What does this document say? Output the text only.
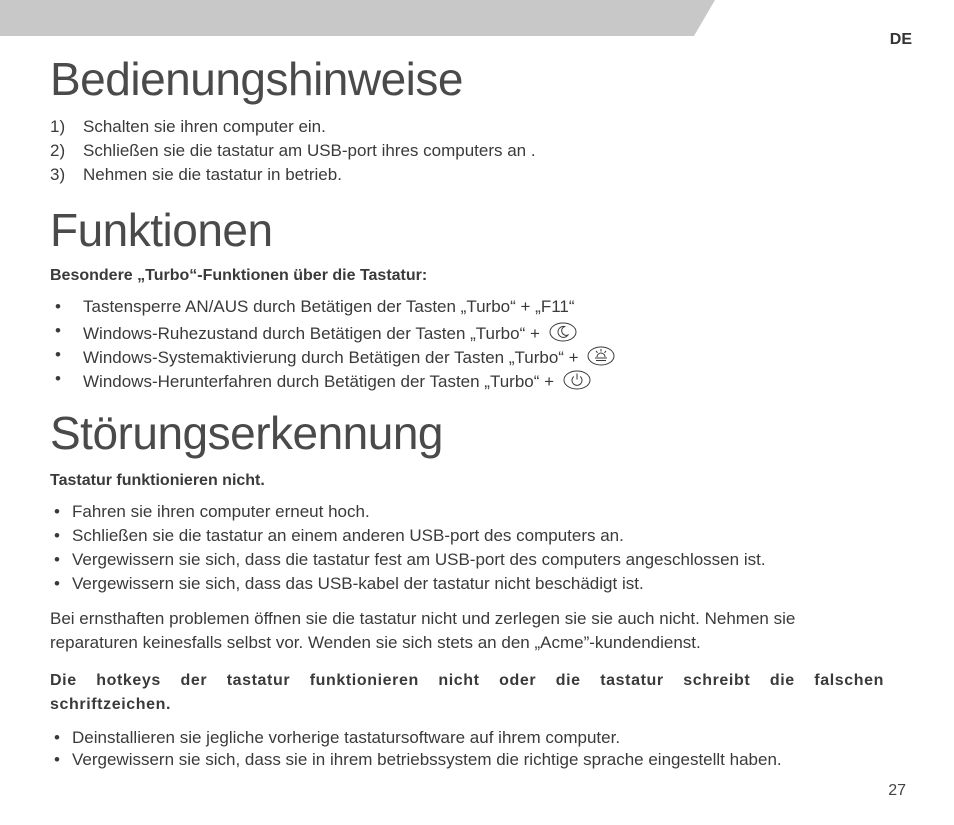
DE
Bedienungshinweise
1) Schalten sie ihren computer ein.
2) Schließen sie die tastatur am USB-port ihres computers an .
3) Nehmen sie die tastatur in betrieb.
Funktionen
Besondere „Turbo“-Funktionen über die Tastatur:
• Tastensperre AN/AUS durch Betätigen der Tasten „Turbo“ + „F11“
• Windows-Ruhezustand durch Betätigen der Tasten „Turbo“ +
• Windows-Systemaktivierung durch Betätigen der Tasten „Turbo“ +
• Windows-Herunterfahren durch Betätigen der Tasten „Turbo“ +
Störungserkennung
Tastatur funktionieren nicht.
• Fahren sie ihren computer erneut hoch.
• Schließen sie die tastatur an einem anderen USB-port des computers an.
• Vergewissern sie sich, dass die tastatur fest am USB-port des computers angeschlossen ist.
• Vergewissern sie sich, dass das USB-kabel der tastatur nicht beschädigt ist.
Bei ernsthaften problemen öffnen sie die tastatur nicht und zerlegen sie sie auch nicht. Nehmen sie reparaturen keinesfalls selbst vor. Wenden sie sich stets an den „Acme”-kundendienst.
Die hotkeys der tastatur funktionieren nicht oder die tastatur schreibt die falschen schriftzeichen.
• Deinstallieren sie jegliche vorherige tastatursoftware auf ihrem computer.
• Vergewissern sie sich, dass sie in ihrem betriebssystem die richtige sprache eingestellt haben.
27
